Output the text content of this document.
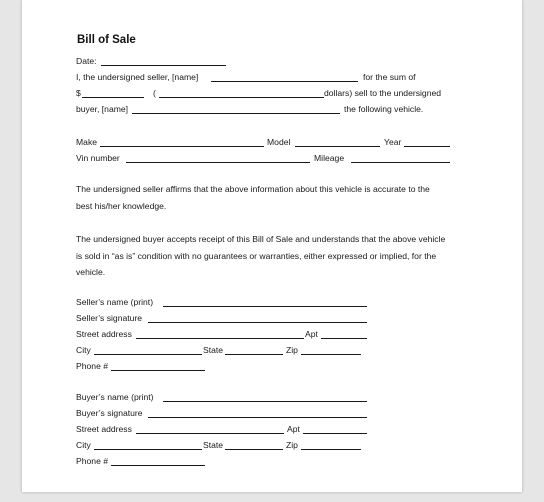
Bill of Sale
Date:
I, the undersigned seller, [name]	for the sum of
$	(	dollars) sell to the undersigned
buyer, [name]	the following vehicle.
Make	Model	Year
Vin number	Mileage
The undersigned seller affirms that the above information about this vehicle is accurate to the
best his/her knowledge.
The undersigned buyer accepts receipt of this Bill of Sale and understands that the above vehicle
is sold in “as is” condition with no guarantees or warranties, either expressed or implied, for the
vehicle.
Seller’s name (print)
Seller’s signature
Street address	Apt
City	State	Zip
Phone #
Buyer’s name (print)
Buyer’s signature
Street address	Apt
City	State	Zip
Phone #
